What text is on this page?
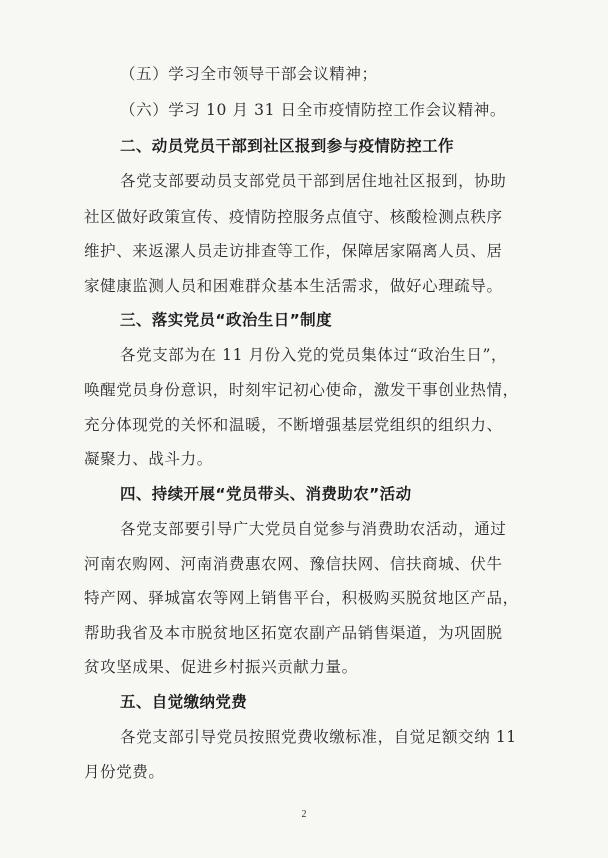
（五）学习全市领导干部会议精神；
（六）学习 10 月 31 日全市疫情防控工作会议精神。
二、动员党员干部到社区报到参与疫情防控工作
各党支部要动员支部党员干部到居住地社区报到，协助
社区做好政策宣传、疫情防控服务点值守、核酸检测点秩序
维护、来返漯人员走访排查等工作，保障居家隔离人员、居
家健康监测人员和困难群众基本生活需求，做好心理疏导。
三、落实党员“政治生日”制度
各党支部为在 11 月份入党的党员集体过“政治生日”，
唤醒党员身份意识，时刻牢记初心使命，激发干事创业热情，
充分体现党的关怀和温暖，不断增强基层党组织的组织力、
凝聚力、战斗力。
四、持续开展“党员带头、消费助农”活动
各党支部要引导广大党员自觉参与消费助农活动，通过
河南农购网、河南消费惠农网、豫信扶网、信扶商城、伏牛
特产网、驿城富农等网上销售平台，积极购买脱贫地区产品，
帮助我省及本市脱贫地区拓宽农副产品销售渠道，为巩固脱
贫攻坚成果、促进乡村振兴贡献力量。
五、自觉缴纳党费
各党支部引导党员按照党费收缴标准，自觉足额交纳 11
月份党费。
2
